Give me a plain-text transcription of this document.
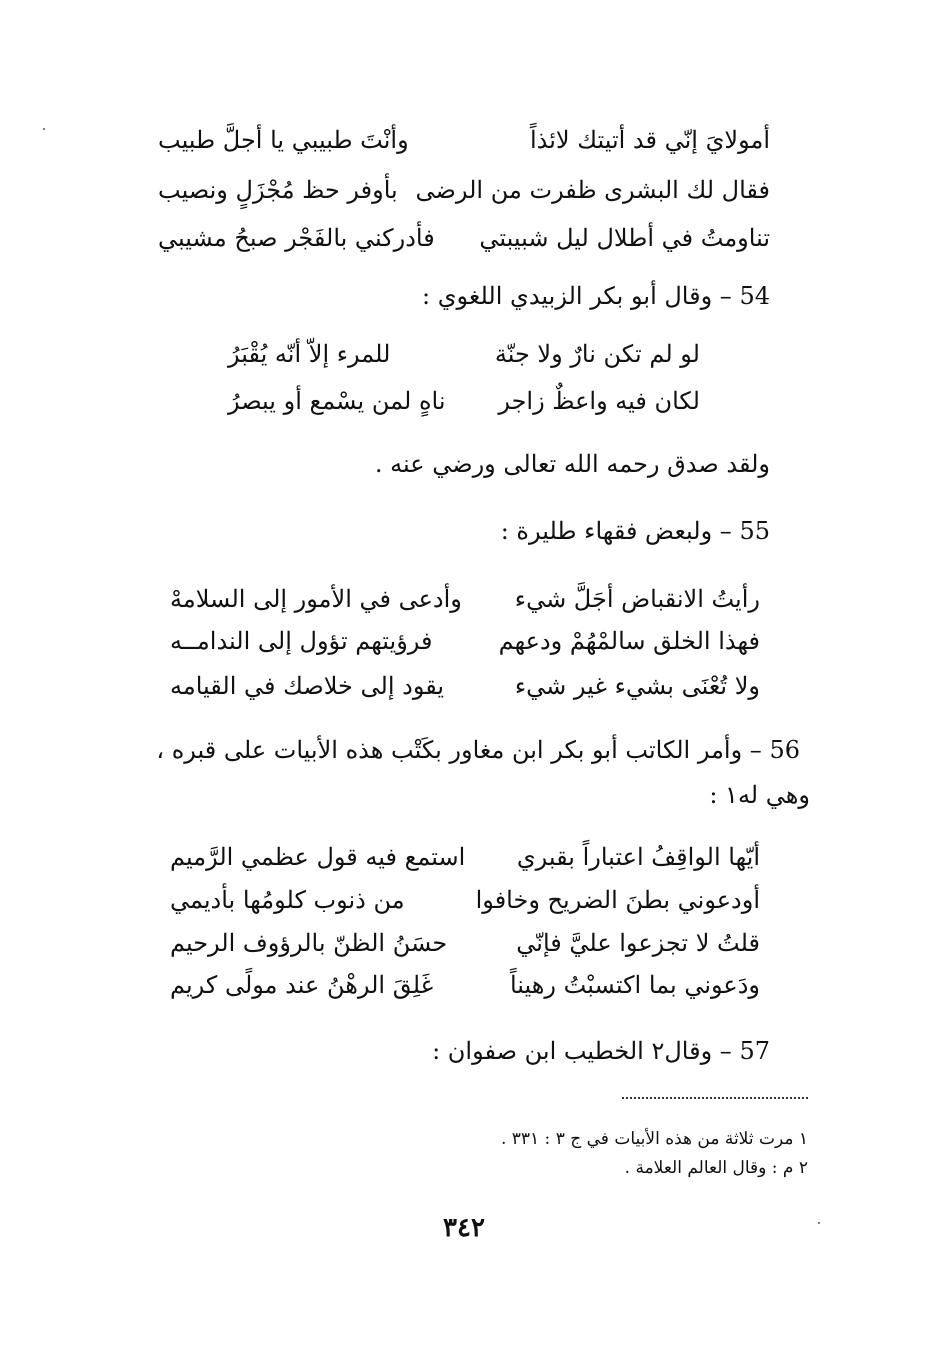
أمولايَ إنّي قد أتيتك لائذاً
وأنْتَ طبيبي يا أجلَّ طبيب
فقال لك البشرى ظفرت من الرضى
بأوفر حظ مُجْزَلٍ ونصيب
تناومتُ في أطلال ليل شبيبتي
فأدركني بالفَجْر صبحُ مشيبي
54 – وقال أبو بكر الزبيدي اللغوي :
لو لم تكن نارٌ ولا جنّة
للمرء إلاّ أنّه يُقْبَرُ
لكان فيه واعظٌ زاجر
ناهٍ لمن يسْمع أو يبصرُ
ولقد صدق رحمه الله تعالى ورضي عنه .
55 – ولبعض فقهاء طليرة :
رأيتُ الانقباض أجَلَّ شيء
وأدعى في الأمور إلى السلامهْ
فهذا الخلق سالمْهُمْ ودعهم
فرؤيتهم تؤول إلى الندامــه
ولا تُعْنَى بشيء غير شيء
يقود إلى خلاصك في القيامه
56 – وأمر الكاتب أبو بكر ابن مغاور بكَتْب هذه الأبيات على قبره ،
وهي له١ :
أيّها الواقِفُ اعتباراً بقبري
استمع فيه قول عظمي الرَّميم
أودعوني بطنَ الضريح وخافوا
من ذنوب كلومُها بأديمي
قلتُ لا تجزعوا عليَّ فإنّي
حسَنُ الظنّ بالرؤوف الرحيم
ودَعوني بما اكتسبْتُ رهيناً
غَلِقَ الرهْنُ عند مولًى كريم
57 – وقال٢ الخطيب ابن صفوان :
١ مرت ثلاثة من هذه الأبيات في ج ٣ : ٣٣١ .
٢ م : وقال العالم العلامة .
٣٤٢
